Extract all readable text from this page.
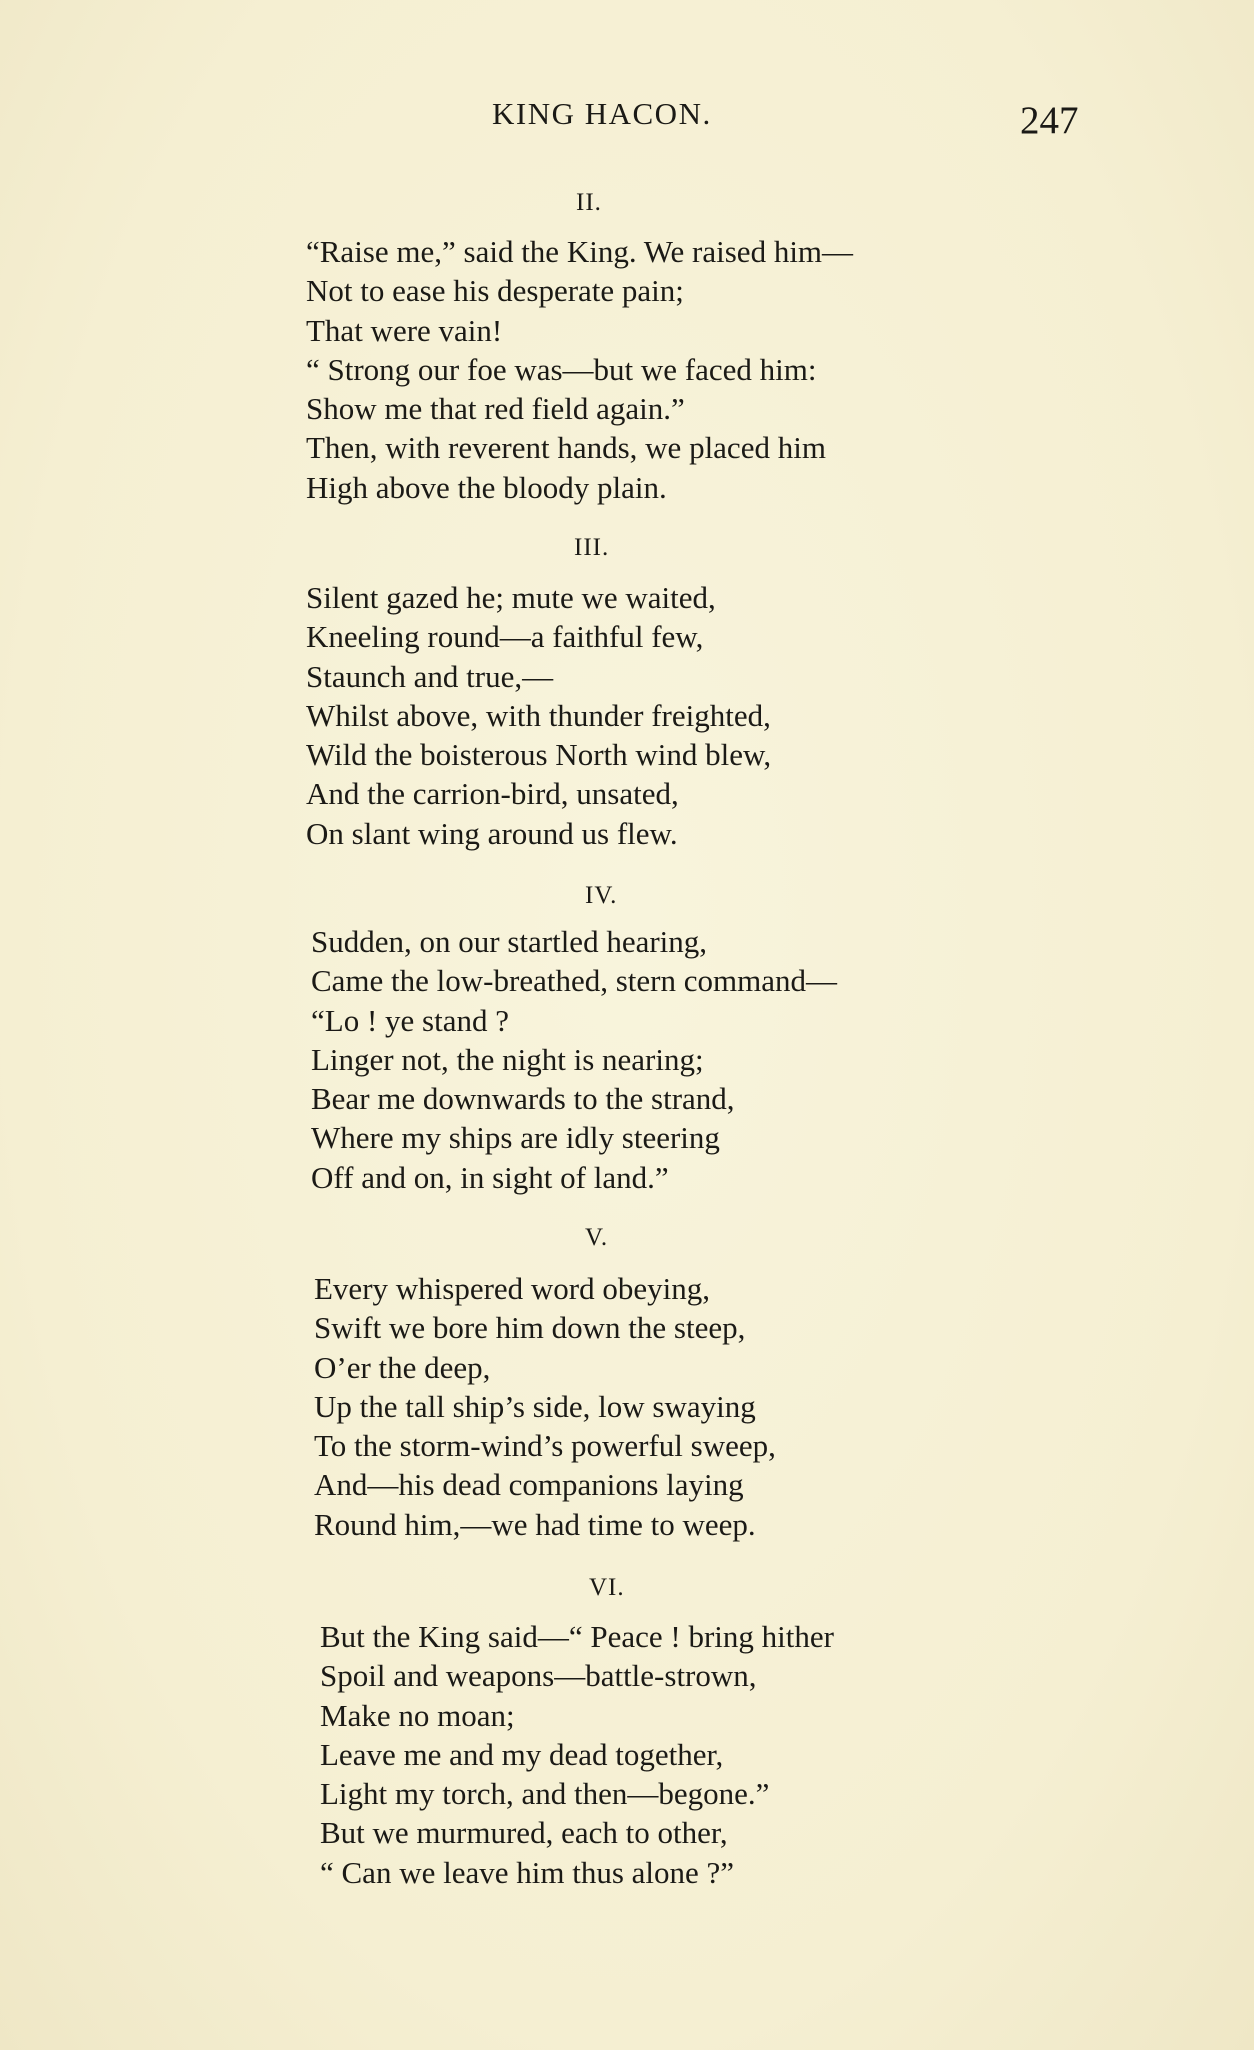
KING HACON.	247
II.
“Raise me,” said the King. We raised him—
Not to ease his desperate pain;
That were vain!
“ Strong our foe was—but we faced him:
Show me that red field again.”
Then, with reverent hands, we placed him
High above the bloody plain.
III.
Silent gazed he; mute we waited,
Kneeling round—a faithful few,
Staunch and true,—
Whilst above, with thunder freighted,
Wild the boisterous North wind blew,
And the carrion-bird, unsated,
On slant wing around us flew.
IV.
Sudden, on our startled hearing,
Came the low-breathed, stern command—
“Lo ! ye stand ?
Linger not, the night is nearing;
Bear me downwards to the strand,
Where my ships are idly steering
Off and on, in sight of land.”
V.
Every whispered word obeying,
Swift we bore him down the steep,
O’er the deep,
Up the tall ship’s side, low swaying
To the storm-wind’s powerful sweep,
And—his dead companions laying
Round him,—we had time to weep.
VI.
But the King said—“ Peace ! bring hither
Spoil and weapons—battle-strown,
Make no moan;
Leave me and my dead together,
Light my torch, and then—begone.”
But we murmured, each to other,
“ Can we leave him thus alone ?”
